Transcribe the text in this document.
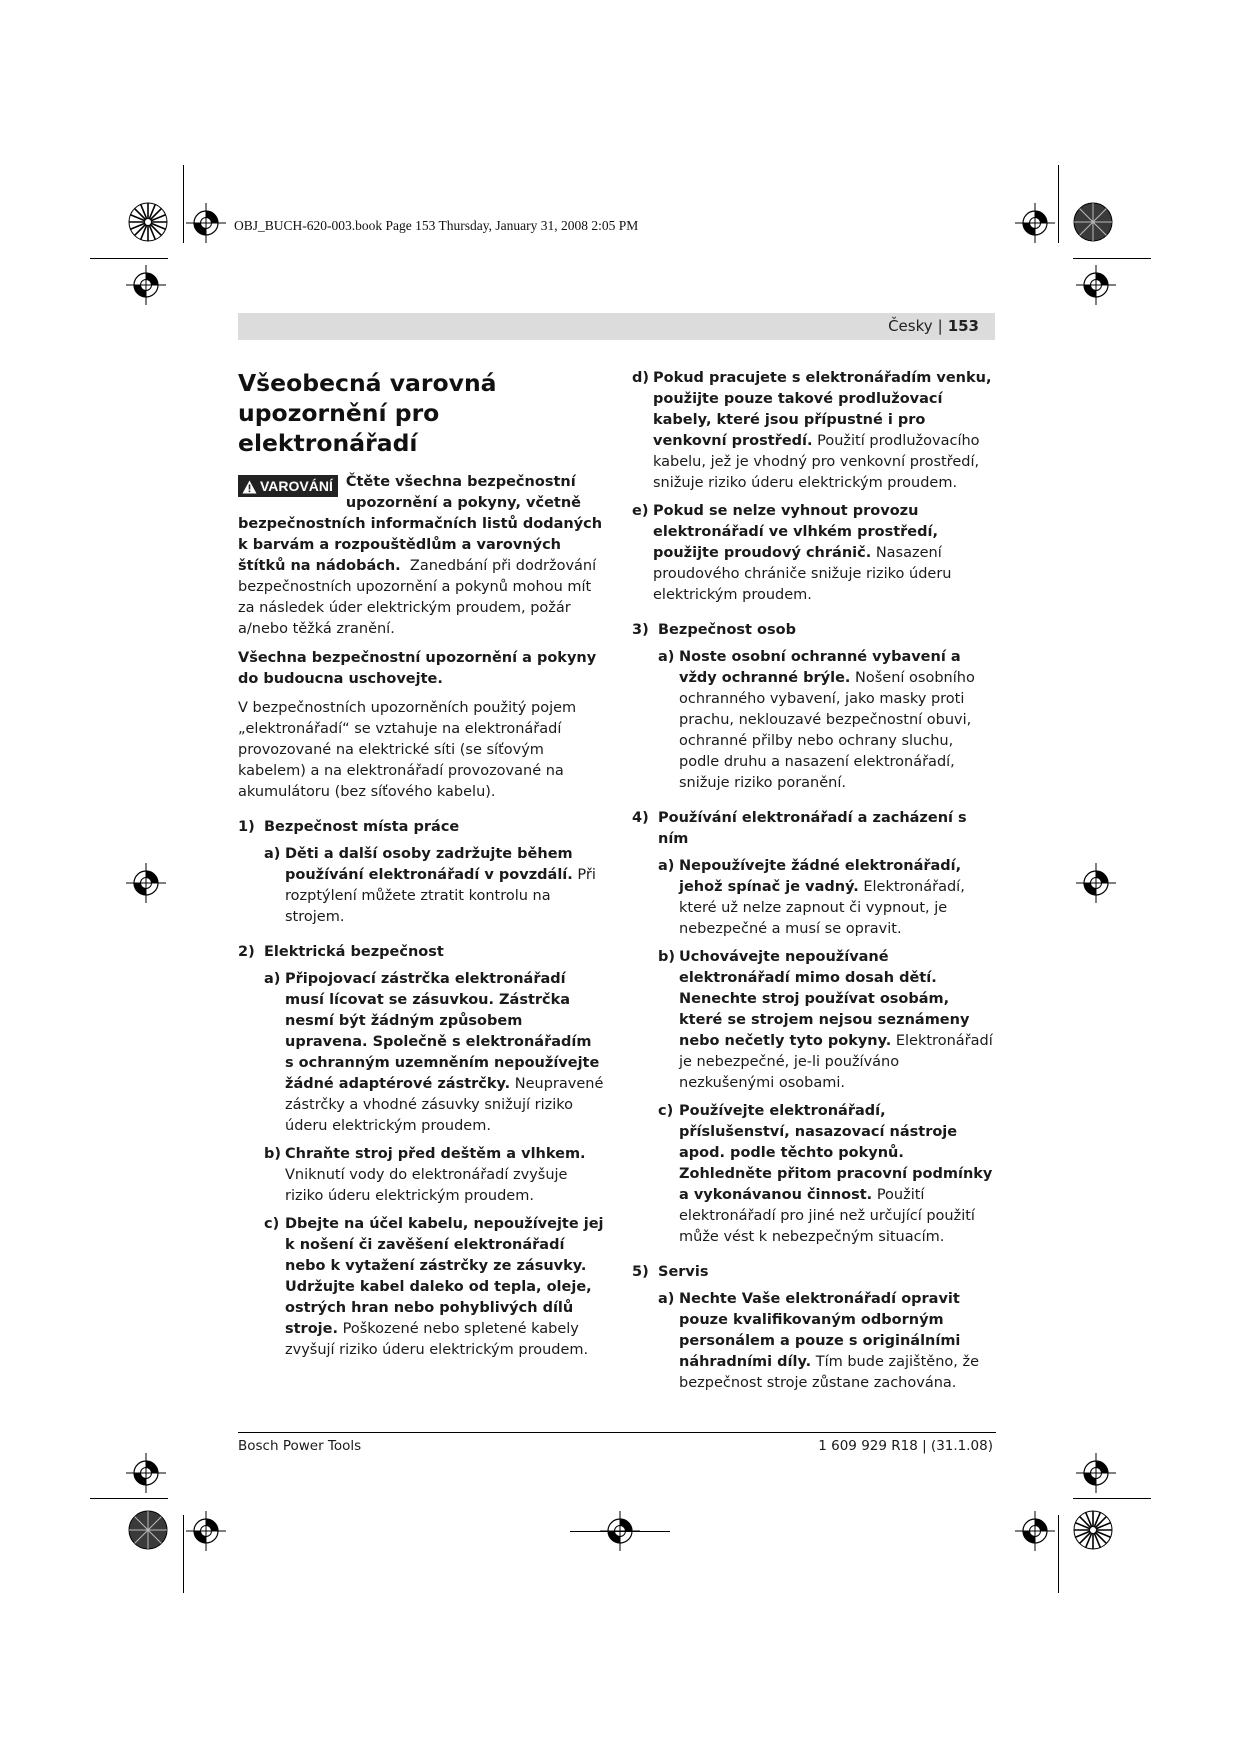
OBJ_BUCH-620-003.book Page 153 Thursday, January 31, 2008 2:05 PM
Česky | 153
Všeobecná varovná upozornění pro elektronářadí

VAROVÁNÍ Čtěte všechna bezpečnostní upozornění a pokyny, včetně bezpečnostních informačních listů dodaných k barvám a rozpouštědlům a varovných štítků na nádobách. Zanedbání při dodržování bezpečnostních upozornění a pokynů mohou mít za následek úder elektrickým proudem, požár a/nebo těžká zranění.

Všechna bezpečnostní upozornění a pokyny do budoucna uschovejte.

V bezpečnostních upozorněních použitý pojem „elektronářadí“ se vztahuje na elektronářadí provozované na elektrické síti (se síťovým kabelem) a na elektronářadí provozované na akumulátoru (bez síťového kabelu).

1) Bezpečnost místa práce
a) Děti a další osoby zadržujte během používání elektronářadí v povzdálí. Při rozptýlení můžete ztratit kontrolu na strojem.
2) Elektrická bezpečnost
a) Připojovací zástrčka elektronářadí musí lícovat se zásuvkou. Zástrčka nesmí být žádným způsobem upravena. Společně s elektronářadím s ochranným uzemněním nepoužívejte žádné adaptérové zástrčky. Neupravené zástrčky a vhodné zásuvky snižují riziko úderu elektrickým proudem.
b) Chraňte stroj před deštěm a vlhkem. Vniknutí vody do elektronářadí zvyšuje riziko úderu elektrickým proudem.
c) Dbejte na účel kabelu, nepoužívejte jej k nošení či zavěšení elektronářadí nebo k vytažení zástrčky ze zásuvky. Udržujte kabel daleko od tepla, oleje, ostrých hran nebo pohyblivých dílů stroje. Poškozené nebo spletené kabely zvyšují riziko úderu elektrickým proudem.
d) Pokud pracujete s elektronářadím venku, použijte pouze takové prodlužovací kabely, které jsou přípustné i pro venkovní prostředí. Použití prodlužovacího kabelu, jež je vhodný pro venkovní prostředí, snižuje riziko úderu elektrickým proudem.
e) Pokud se nelze vyhnout provozu elektronářadí ve vlhkém prostředí, použijte proudový chránič. Nasazení proudového chrániče snižuje riziko úderu elektrickým proudem.
3) Bezpečnost osob
a) Noste osobní ochranné vybavení a vždy ochranné brýle. Nošení osobního ochranného vybavení, jako masky proti prachu, neklouzavé bezpečnostní obuvi, ochranné přilby nebo ochrany sluchu, podle druhu a nasazení elektronářadí, snižuje riziko poranění.
4) Používání elektronářadí a zacházení s ním
a) Nepoužívejte žádné elektronářadí, jehož spínač je vadný. Elektronářadí, které už nelze zapnout či vypnout, je nebezpečné a musí se opravit.
b) Uchovávejte nepoužívané elektronářadí mimo dosah dětí. Nenechte stroj používat osobám, které se strojem nejsou seznámeny nebo nečetly tyto pokyny. Elektronářadí je nebezpečné, je-li používáno nezkušenými osobami.
c) Používejte elektronářadí, příslušenství, nasazovací nástroje apod. podle těchto pokynů. Zohledněte přitom pracovní podmínky a vykonávanou činnost. Použití elektronářadí pro jiné než určující použití může vést k nebezpečným situacím.
5) Servis
a) Nechte Vaše elektronářadí opravit pouze kvalifikovaným odborným personálem a pouze s originálními náhradními díly. Tím bude zajištěno, že bezpečnost stroje zůstane zachována.
Bosch Power Tools	1 609 929 R18 | (31.1.08)
